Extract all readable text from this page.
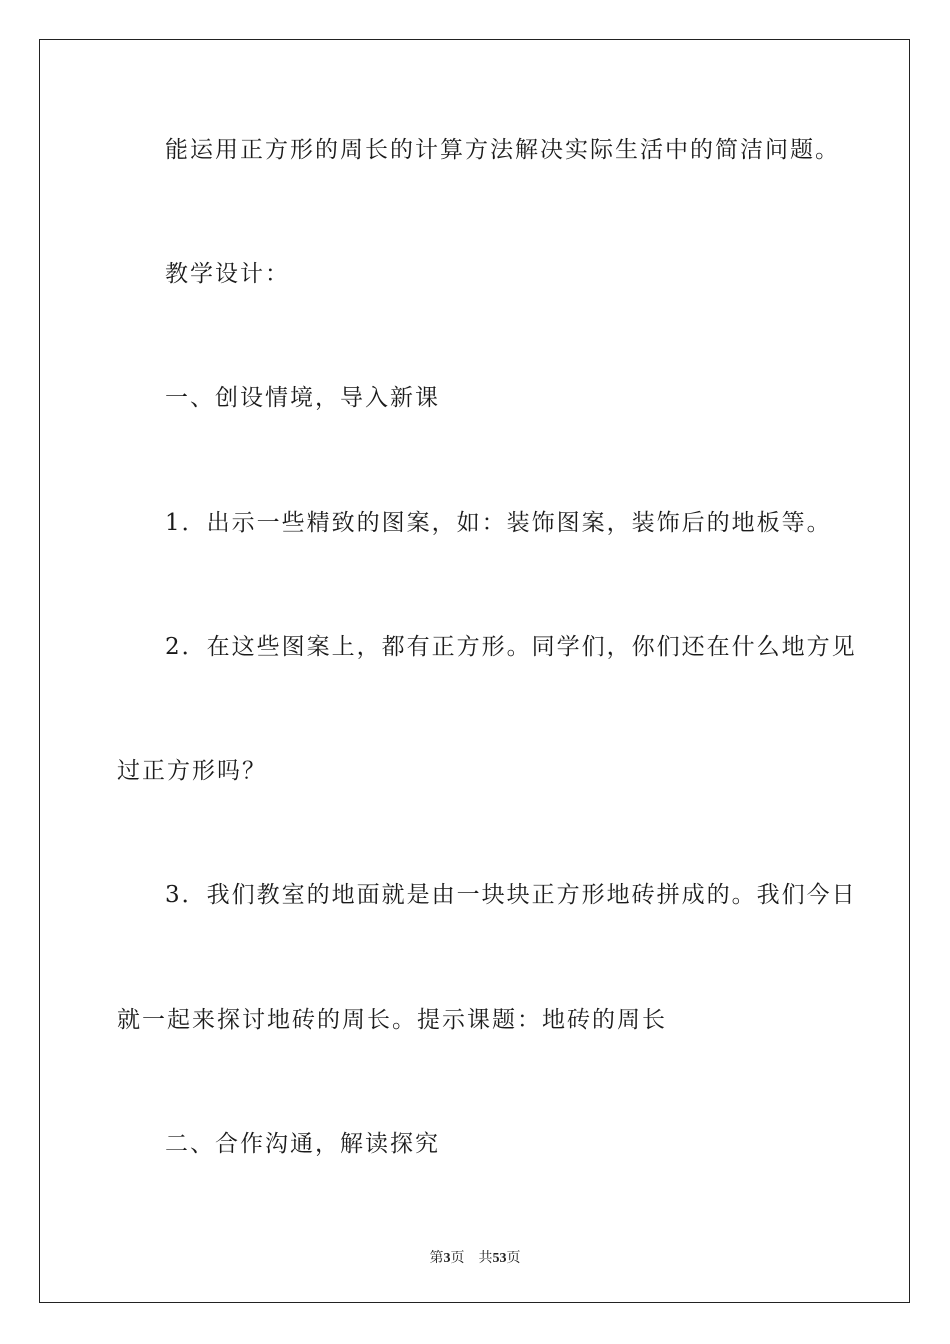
能运用正方形的周长的计算方法解决实际生活中的简洁问题。
教学设计：
一、创设情境，导入新课
1．出示一些精致的图案，如：装饰图案，装饰后的地板等。
2．在这些图案上，都有正方形。同学们，你们还在什么地方见
过正方形吗？
3．我们教室的地面就是由一块块正方形地砖拼成的。我们今日
就一起来探讨地砖的周长。提示课题：地砖的周长
二、合作沟通，解读探究
第3页 共53页
